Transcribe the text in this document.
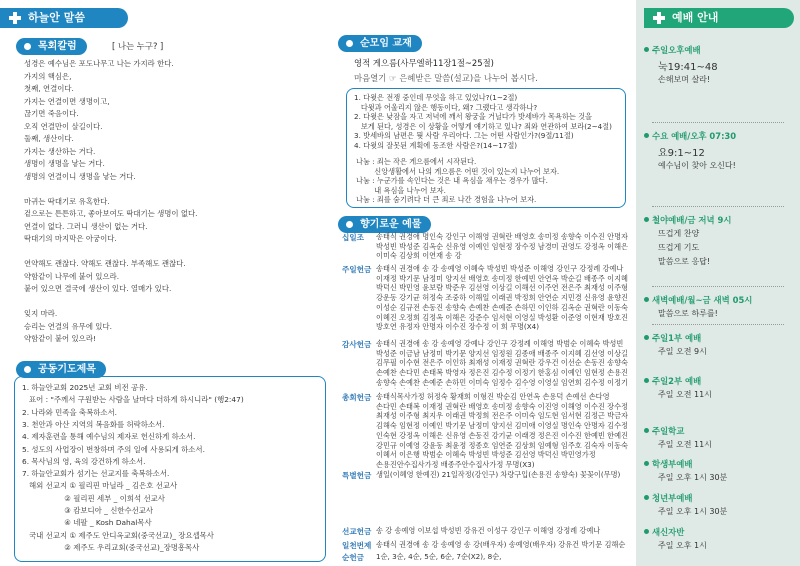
하늘안 말씀
목회칼럼	[ 나는 누구? ]
성경은 예수님은 포도나무고 나는 가지라 한다.
가지의 핵심은,
첫째, 연결이다.
가지는 연결이면 생명이고,
끊기면 죽음이다.
오직 연결만이 살길이다.
둘째, 생산이다.
가지는 생산하는 거다.
생명이 생명을 낳는 거다.
생명의 연결이니 생명을 낳는 거다.
마귀는 딱대기로 유혹한다.
겉으로는 튼튼하고, 좋아보여도 딱대기는 생명이 없다.
연결이 없다. 그러니 생산이 없는 거다.
딱대기의 마지막은 아궁이다.
연약해도 괜찮다. 약해도 괜찮다. 부족해도 괜찮다.
약함같이 나무에 붙어 있으라.
붙어 있으면 결국에 생산이 있다. 열매가 있다.
잊지 마라.
승리는 연결의 유무에 있다.
약함같이 붙어 있으라!
공동기도제목
1. 하늘안교회 2025년 교회 비전 공유.
표어 : "주께서 구원받는 사람을 날마다 더하게 하시니라" (행2:47)
2. 나라와 민족을 축복하소서.
3. 천안과 아산 지역의 복음화를 허락하소서.
4. 제자훈련을 통해 예수님의 제자로 헌신하게 하소서.
5. 성도의 사업장이 번창하며 주의 일에 사용되게 하소서.
6. 목사님의 영, 육의 강건하게 하소서.
7. 하늘안교회가 섬기는 선교지를 축복하소서.
해외 선교지 ① 필리핀 마닐라 _ 김은호 선교사
② 필리핀 세부 _ 이희석 선교사
③ 캄보디아 _ 신한수선교사
④ 네팔 _ Kosh Dahal목사
국내 선교지 ① 제주도 안디옥교회(중국선교)_ 장요셉목사
② 제주도 우리교회(중국선교)_장명흥목사
순모임 교재
영적 게으름(사무엘하11장1절~25절)
마음열기 ☞ 은혜받은 말씀(설교)을 나누어 봅시다.
1. 다윗은 전쟁 중인데 무엇을 하고 있었나?(1~2절)
다윗과 어울리지 않은 행동이다, 왜? 그랬다고 생각하나?
2. 다윗은 낮잠을 자고 저녁에 깨서 왕궁을 거닐다가 밧세바가 목욕하는 것을
보게 된다, 성경은 이 상황을 어떻게 얘기하고 있나? 죄와 연관하여 보라(2~4절)
3. 밧세바의 남편은 뭣 사람 우리아다. 그는 어떤 사람인가?(9절/11절)
4. 다윗의 잘못된 계획에 동조한 사람은?(14~17절)
나눔 : 죄는 작은 게으름에서 시작된다.
신앙생활에서 나의 게으름은 어떤 것이 있는지 나누어 보자.
나눔 : 누군가를 속인다는 것은 내 욕심을 채우는 경우가 많다.
내 욕심을 나누어 보자.
나눔 : 죄를 숨기려다 더 큰 죄로 나간 경험을 나누어 보자.
향기로운 예물
십일조 송태식 권경애 명인숙 강인구 이해영 권혁란 배영호 송미정 송향숙 이수진 안명자 박성빈 박성준 김옥순 신유영 이예인 임현정 장수정 남경미 권영도 강정옥 이해은 이미숙 김상희 이연재 송 강
주일헌금 송태식 권경애 송 강 송예영 이혜숙 박성빈 박성준 이해영 강인구 강정례 강예나 이재정 박기문 남정미 양지선 배영호 송미정 한예빈 안연옥 박순길 배종주 이지혜 박덕신 박민영 윤보람 박준우 김선영 이상길 이해선 이주연 전은주 최재성 이주형 강운동 강기균 허정숙 조중하 이해일 이래권 박정희 안연순 지민경 신유영 윤향진 이성순 김규전 손동진 송향숙 손예찬 손예준 손하민 이인하 김옥순 권혁란 이동숙 이혜진 오정희 김정옥 이해은 강준수 임서현 이영실 박성환 이준영 이현재 방호진 방호연 유정자 안명자 이수진 장수정 이 희 무명(X4)
감사헌금 송태식 권경애 송 강 송예영 강예나 강인구 강정례 이해영 박범순 이혜숙 박성빈 박성준 이금남 남정미 박기문 양지선 임정원 김종애 배종주 이지혜 김선영 이상길 김무필 이수현 전은주 이인하 최재성 이재정 권혁란 강우건 이선순 손동진 송향숙 손예찬 손다민 손태복 박영자 정은진 김수정 이정기 한홍심 이예인 임현정 손용진 송향숙 손예찬 손예준 손하민 이미숙 임정수 김수영 이영실 임연희 김수정 이정기
총회헌금 송태식목사가정 허정숙 황재희 이형진 박순김 안연옥 손용덕 손예선 손다영 손다민 손태복 이재정 권혁란 배영호 송미정 송향숙 이진영 이해영 이수진 장수정 최재성 이주형 최지우 이래권 박정희 전은주 이미숙 임도현 임서현 김정근 박금자 김해숙 임현정 이예인 박기문 남정미 양지선 김미애 이영실 명인숙 안명자 김수정 인숙현 강정옥 이해은 신유영 손동진 강기균 이래경 정은진 이수진 한예빈 한예진 강민규 이예영 강윤동 최윤정 정종호 임연준 김상희 임예형 임주호 김숙자 이동숙 이혜서 이은행 박범순 이혜숙 박성빈 박성준 김선영 박덕신 박민영가정 손용진안수집사가정 배종주안수집사가정 무명(X3)
특별헌금 생일(이혜영 한예진) 21일작정(강인구) 차량구입(손용진 송향숙) 꽃꽂이(무명)
선교헌금 송 강 송예영 이보섭 박성빈 강유건 이성구 강인구 이해영 강정례 강예나
일천번제 송태식 권경애 송 강 송예영 송 강(배우자) 송예영(배우자) 강유건 박기문 김해순
순헌금 1순, 3순, 4순, 5순, 6순, 7순(X2), 8순,
예배 안내
주일오후예배
눅19:41~48
손해보며 살라!
수요 예배/오후 07:30
요9:1~12
예수님이 찾아 오신다!
철야예배/금 저녁 9시
뜨겁게 찬양
뜨겁게 기도
말씀으로 응답!
새벽예배/월~금 새벽 05시
말씀으로 하루를!
주일1부 예배
주일 오전 9시
주일2부 예배
주일 오전 11시
주일학교
주일 오전 11시
학생부예배
주일 오후 1시 30분
청년부예배
주일 오후 1시 30분
새신자반
주일 오후 1시
